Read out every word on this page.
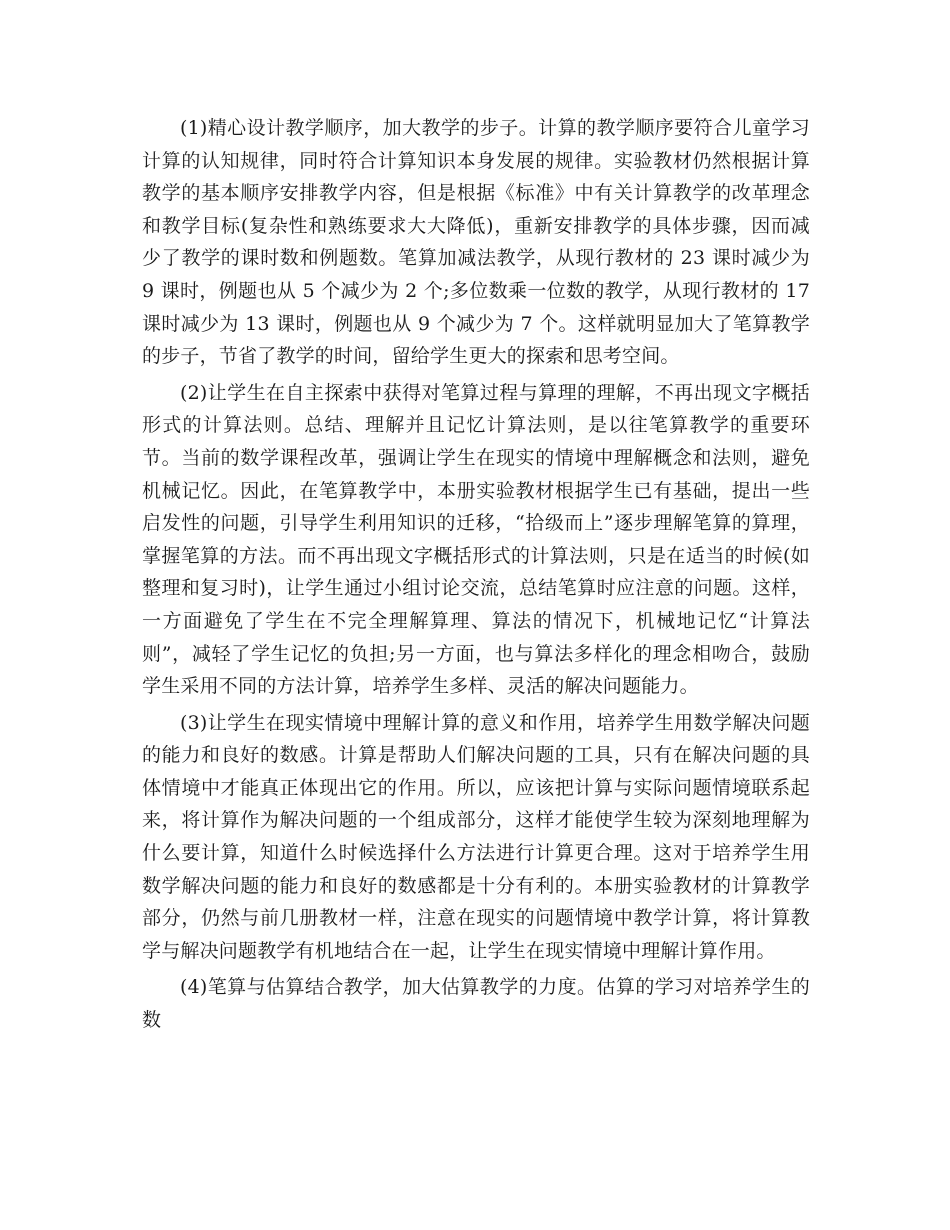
(1)精心设计教学顺序，加大教学的步子。计算的教学顺序要符合儿童学习计算的认知规律，同时符合计算知识本身发展的规律。实验教材仍然根据计算教学的基本顺序安排教学内容，但是根据《标准》中有关计算教学的改革理念和教学目标(复杂性和熟练要求大大降低)，重新安排教学的具体步骤，因而减少了教学的课时数和例题数。笔算加减法教学，从现行教材的 23 课时减少为 9 课时，例题也从 5 个减少为 2 个;多位数乘一位数的教学，从现行教材的 17 课时减少为 13 课时，例题也从 9 个减少为 7 个。这样就明显加大了笔算教学的步子，节省了教学的时间，留给学生更大的探索和思考空间。

(2)让学生在自主探索中获得对笔算过程与算理的理解，不再出现文字概括形式的计算法则。总结、理解并且记忆计算法则，是以往笔算教学的重要环节。当前的数学课程改革，强调让学生在现实的情境中理解概念和法则，避免机械记忆。因此，在笔算教学中，本册实验教材根据学生已有基础，提出一些启发性的问题，引导学生利用知识的迁移，“拾级而上”逐步理解笔算的算理，掌握笔算的方法。而不再出现文字概括形式的计算法则，只是在适当的时候(如整理和复习时)，让学生通过小组讨论交流，总结笔算时应注意的问题。这样，一方面避免了学生在不完全理解算理、算法的情况下，机械地记忆“计算法则”，减轻了学生记忆的负担;另一方面，也与算法多样化的理念相吻合，鼓励学生采用不同的方法计算，培养学生多样、灵活的解决问题能力。

(3)让学生在现实情境中理解计算的意义和作用，培养学生用数学解决问题的能力和良好的数感。计算是帮助人们解决问题的工具，只有在解决问题的具体情境中才能真正体现出它的作用。所以，应该把计算与实际问题情境联系起来，将计算作为解决问题的一个组成部分，这样才能使学生较为深刻地理解为什么要计算，知道什么时候选择什么方法进行计算更合理。这对于培养学生用数学解决问题的能力和良好的数感都是十分有利的。本册实验教材的计算教学部分，仍然与前几册教材一样，注意在现实的问题情境中教学计算，将计算教学与解决问题教学有机地结合在一起，让学生在现实情境中理解计算作用。

(4)笔算与估算结合教学，加大估算教学的力度。估算的学习对培养学生的数
